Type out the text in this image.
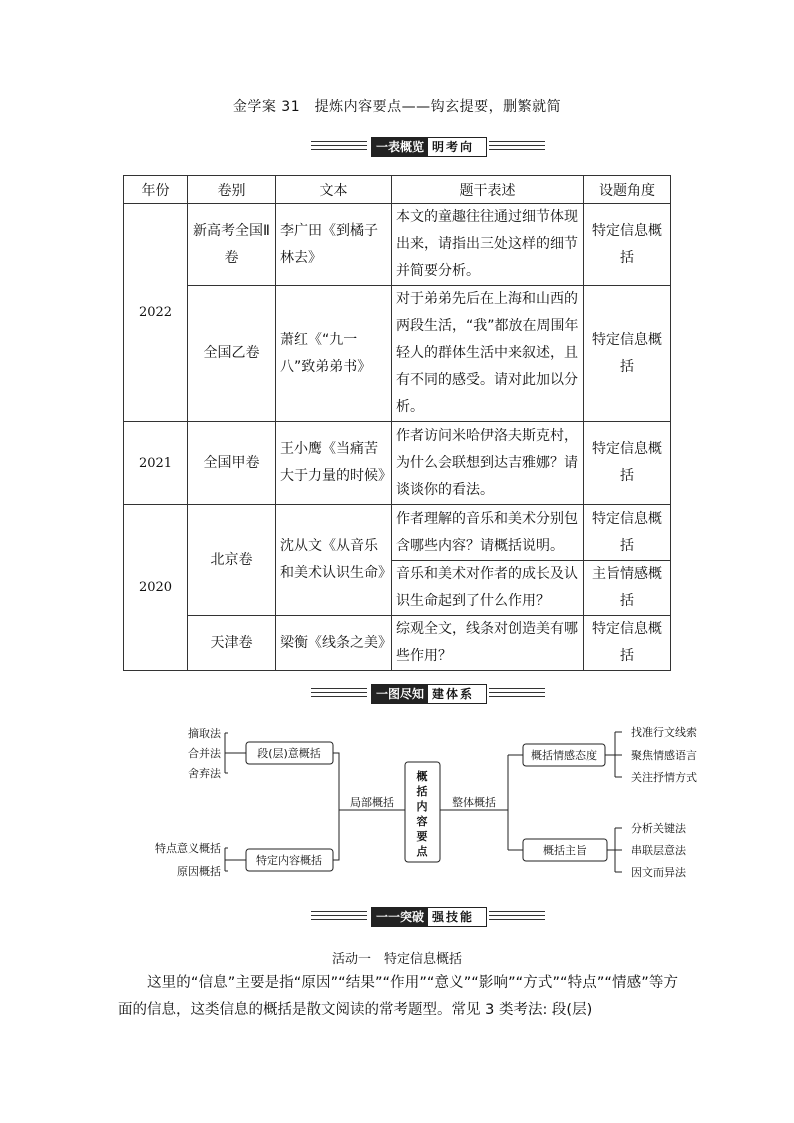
金学案 31　提炼内容要点——钩玄提要，删繁就简
一表概览 明考向
年份	卷别	文本	题干表述	设题角度
2022	新高考全国Ⅱ卷	李广田《到橘子林去》	本文的童趣往往通过细节体现出来，请指出三处这样的细节并简要分析。	特定信息概括
	全国乙卷	萧红《“九一八”致弟弟书》	对于弟弟先后在上海和山西的两段生活，“我”都放在周围年轻人的群体生活中来叙述，且有不同的感受。请对此加以分析。	特定信息概括
2021	全国甲卷	王小鹰《当痛苦大于力量的时候》	作者访问米哈伊洛夫斯克村，为什么会联想到达吉雅娜？请谈谈你的看法。	特定信息概括
2020	北京卷	沈从文《从音乐和美术认识生命》	作者理解的音乐和美术分别包含哪些内容？请概括说明。	特定信息概括
			音乐和美术对作者的成长及认识生命起到了什么作用？	主旨情感概括
	天津卷	梁衡《线条之美》	综观全文，线条对创造美有哪些作用？	特定信息概括
一图尽知 建体系
摘取法
合并法
舍弃法
特点意义概括
原因概括
段(层)意概括
特定内容概括
局部概括	整体概括
概
括
内
容
要
点
概括情感态度
概括主旨
找准行文线索
聚焦情感语言
关注抒情方式
分析关键法
串联层意法
因文而异法
一一突破 强技能
活动一　特定信息概括
这里的“信息”主要是指“原因”“结果”“作用”“意义”“影响”“方式”“特点”“情感”等方面的信息，这类信息的概括是散文阅读的常考题型。常见 3 类考法: 段(层)
